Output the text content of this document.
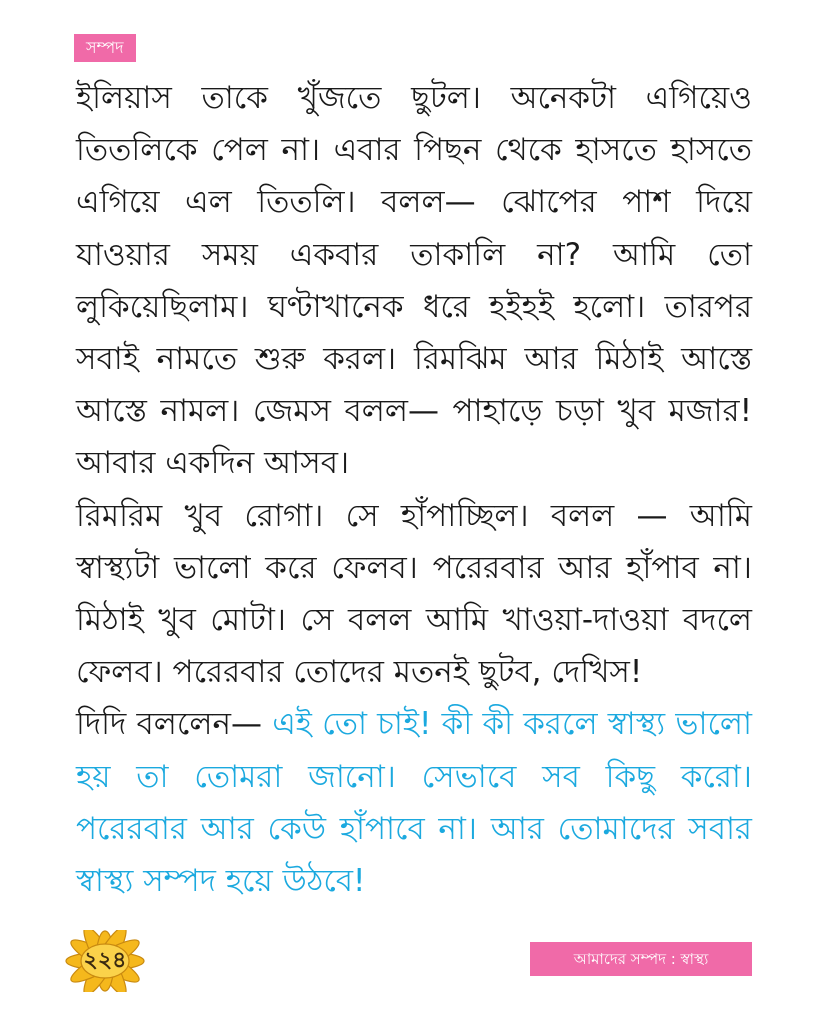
সম্পদ

ইলিয়াস তাকে খুঁজতে ছুটল। অনেকটা এগিয়েও তিতলিকে পেল না। এবার পিছন থেকে হাসতে হাসতে এগিয়ে এল তিতলি। বলল— ঝোপের পাশ দিয়ে যাওয়ার সময় একবার তাকালি না? আমি তো লুকিয়েছিলাম। ঘণ্টাখানেক ধরে হইহই হলো। তারপর সবাই নামতে শুরু করল। রিমঝিম আর মিঠাই আস্তে আস্তে নামল। জেমস বলল— পাহাড়ে চড়া খুব মজার! আবার একদিন আসব।

রিমরিম খুব রোগা। সে হাঁপাচ্ছিল। বলল — আমি স্বাস্থ্যটা ভালো করে ফেলব। পরেরবার আর হাঁপাব না। মিঠাই খুব মোটা। সে বলল আমি খাওয়া-দাওয়া বদলে ফেলব। পরেরবার তোদের মতনই ছুটব, দেখিস!

দিদি বললেন— এই তো চাই! কী কী করলে স্বাস্থ্য ভালো হয় তা তোমরা জানো। সেভাবে সব কিছু করো। পরেরবার আর কেউ হাঁপাবে না। আর তোমাদের সবার স্বাস্থ্য সম্পদ হয়ে উঠবে!

২২৪	আমাদের সম্পদ : স্বাস্থ্য
